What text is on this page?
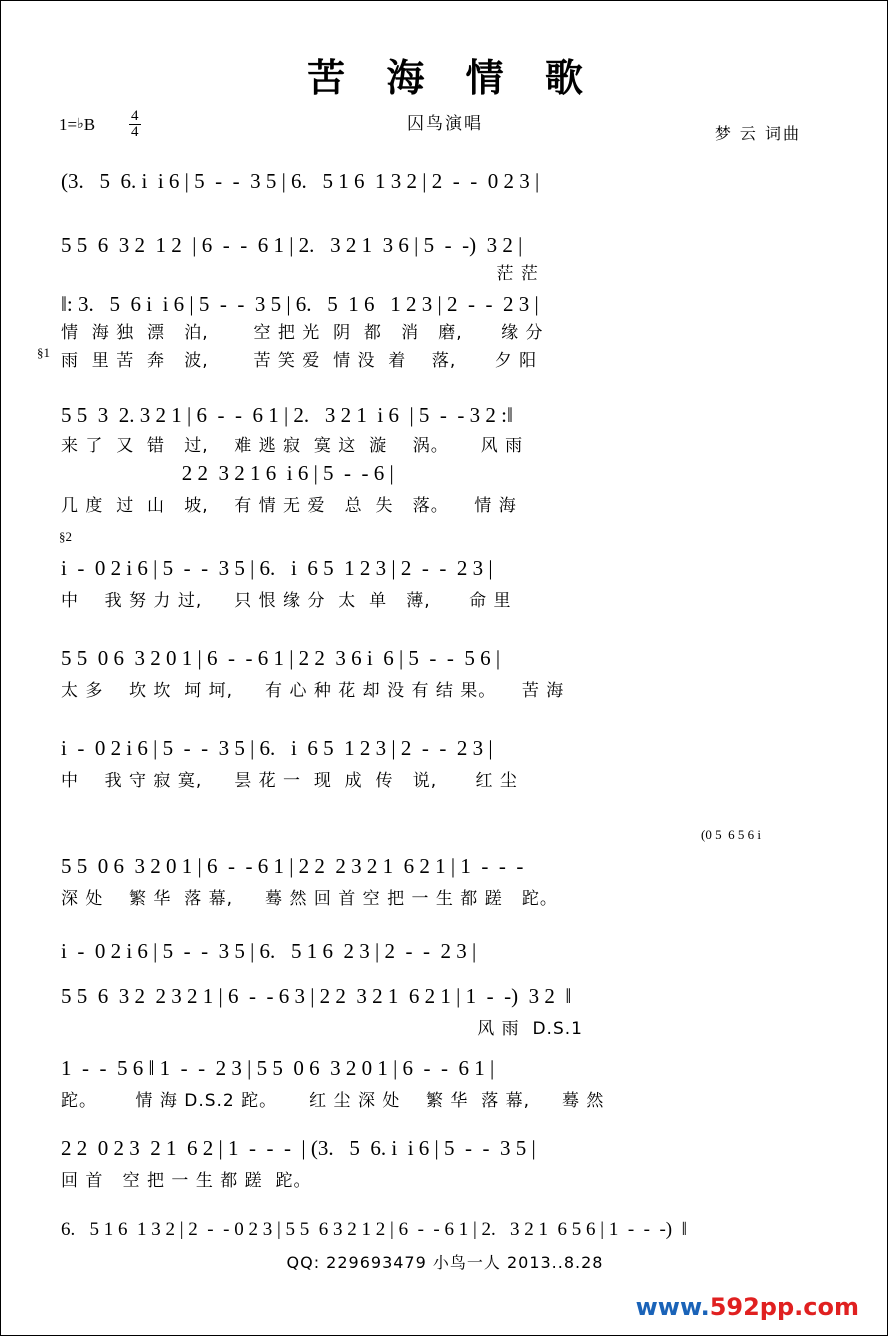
苦 海 情 歌
囚鸟演唱
1=♭B $\frac{4}{4}$	梦 云 词曲
(3.   5  6. i  i 6 | 5  -  -  3 5 | 6.   5 1 6  1 3 2 | 2  -  -  0 2 3 |
5 5  6  3 2  1 2  | 6  -  -  6 1 | 2.   3 2 1  3 6 | 5  -  -)  3 2 |
茫 茫
‖: 3.   5  6 i  i 6 | 5  -  -  3 5 | 6.   5  1 6   1 2 3 | 2  -  -  2 3 |
情  海 独  漂   泊,       空 把 光  阴  都   消   磨,      缘 分
雨  里 苦  奔   波,       苦 笑 爱  情 没  着    落,      夕 阳
§1
5 5  3  2. 3 2 1 | 6  -  -  6 1 | 2.   3 2 1  i 6  | 5  -  - 3 2 :‖
来 了  又  错   过,    难 逃 寂  寞 这  漩    涡。     风 雨
2 2  3 2 1 6  i 6 | 5  -  - 6 |
几 度  过  山   坡,    有 情 无 爱   总  失   落。    情 海
§2
i  -  0 2 i 6 | 5  -  -  3 5 | 6.   i  6 5  1 2 3 | 2  -  -  2 3 |
中    我 努 力 过,     只 恨 缘 分  太  单   薄,      命 里
5 5  0 6  3 2 0 1 | 6  -  - 6 1 | 2 2  3 6 i  6 | 5  -  -  5 6 |
太 多    坎 坎  坷 坷,     有 心 种 花 却 没 有 结 果。    苦 海
i  -  0 2 i 6 | 5  -  -  3 5 | 6.   i  6 5  1 2 3 | 2  -  -  2 3 |
中    我 守 寂 寞,     昙 花 一  现  成  传   说,      红 尘
5 5  0 6  3 2 0 1 | 6  -  - 6 1 | 2 2  2 3 2 1  6 2 1 | 1  -  -  -
深 处    繁 华  落 幕,     蓦 然 回 首 空 把 一 生 都 蹉   跎。
(0 5  6 5 6 i
i  -  0 2 i 6 | 5  -  -  3 5 | 6.   5 1 6  2 3 | 2  -  -  2 3 |
5 5  6  3 2  2 3 2 1 | 6  -  - 6 3 | 2 2  3 2 1  6 2 1 | 1  -  -)  3 2  ‖
风 雨  D.S.1
1  -  -  5 6 ‖ 1  -  -  2 3 | 5 5  0 6  3 2 0 1 | 6  -  -  6 1 |
跎。      情 海 D.S.2 跎。     红 尘 深 处    繁 华  落 幕,     蓦 然
2 2  0 2 3  2 1  6 2 | 1  -  -  -  | (3.   5  6. i  i 6 | 5  -  -  3 5 |
回 首   空 把 一 生 都 蹉  跎。
6.   5 1 6  1 3 2 | 2  -  - 0 2 3 | 5 5  6 3 2 1 2 | 6  -  - 6 1 | 2.   3 2 1  6 5 6 | 1  -  -  -)  ‖
QQ: 229693479 小鸟一人 2013..8.28
www.592pp.com
